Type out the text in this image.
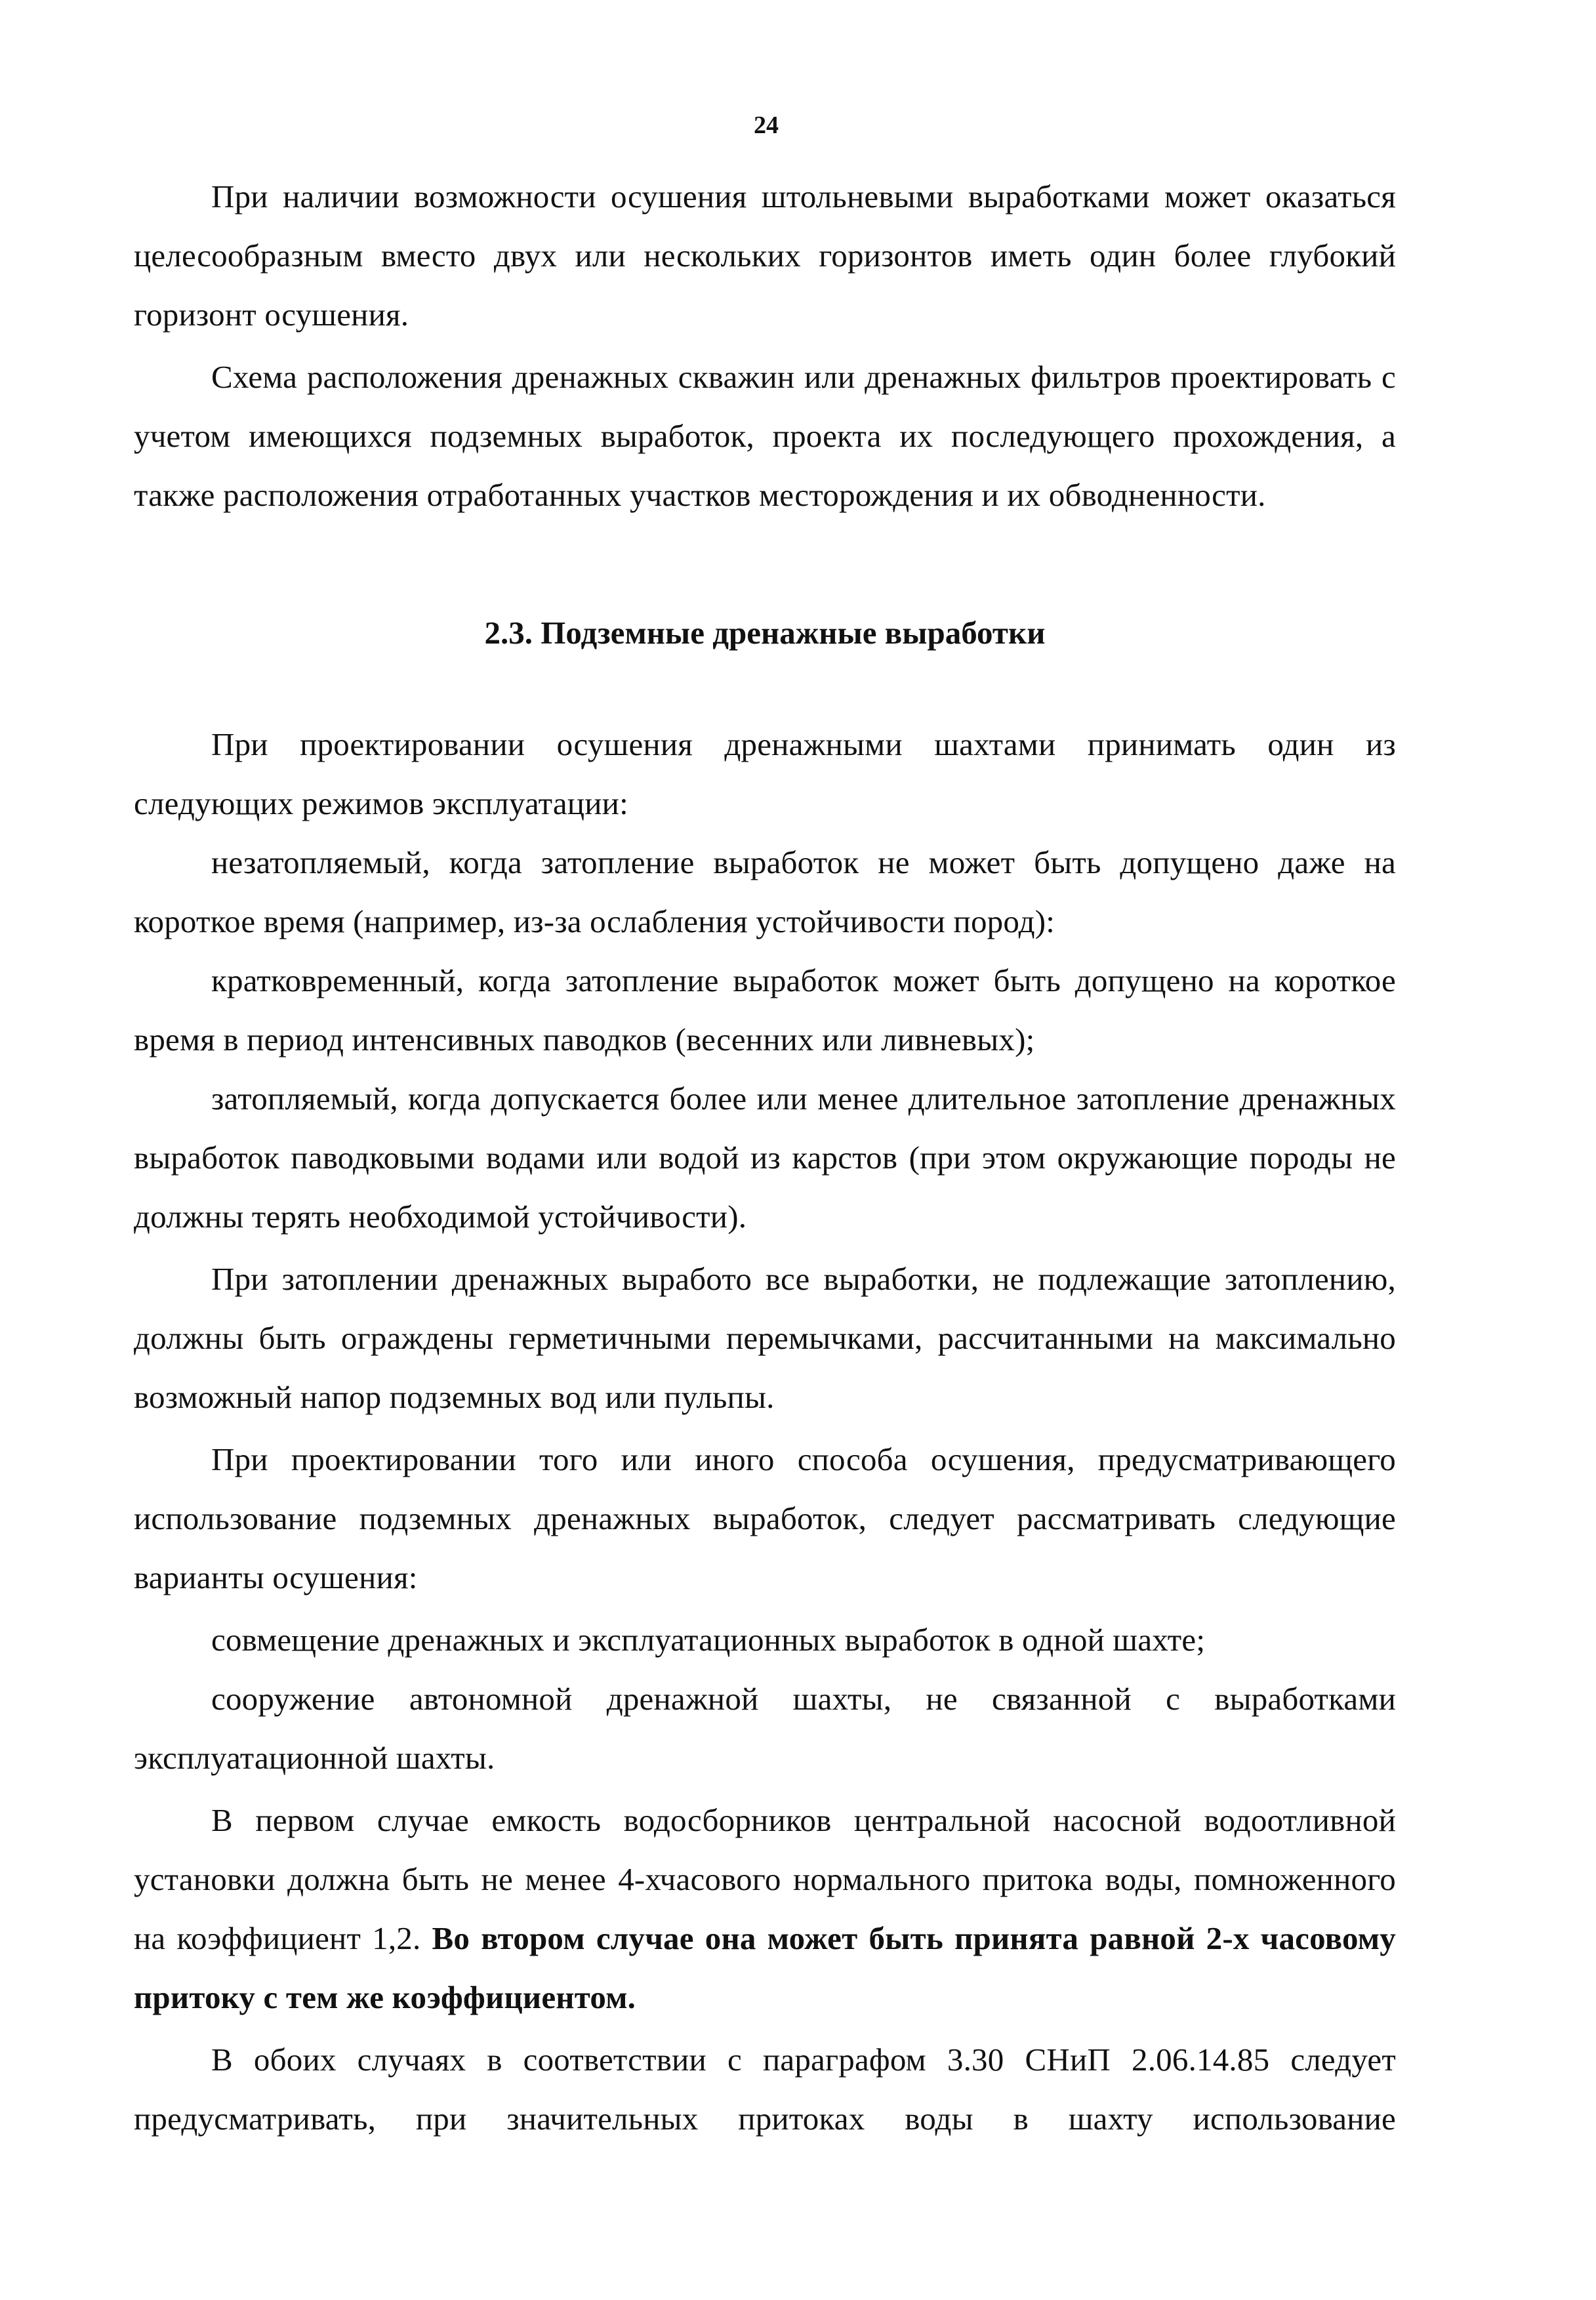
24

При наличии возможности осушения штольневыми выработками может оказаться целесообразным вместо двух или нескольких горизонтов иметь один более глубокий горизонт осушения.

Схема расположения дренажных скважин или дренажных фильтров проектировать с учетом имеющихся подземных выработок, проекта их последующего прохождения, а также расположения отработанных участков месторождения и их обводненности.

2.3. Подземные дренажные выработки

При проектировании осушения дренажными шахтами принимать один из следующих режимов эксплуатации:

незатопляемый, когда затопление выработок не может быть допущено даже на короткое время (например, из-за ослабления устойчивости пород):

кратковременный, когда затопление выработок может быть допущено на короткое время в период интенсивных паводков (весенних или ливневых);

затопляемый, когда допускается более или менее длительное затопление дренажных выработок паводковыми водами или водой из карстов (при этом окружающие породы не должны терять необходимой устойчивости).

При затоплении дренажных выработо все выработки, не подлежащие затоплению, должны быть ограждены герметичными перемычками, рассчитанными на максимально возможный напор подземных вод или пульпы.

При проектировании того или иного способа осушения, предусматривающего использование подземных дренажных выработок, следует рассматривать следующие варианты осушения:

совмещение дренажных и эксплуатационных выработок в одной шахте;

сооружение автономной дренажной шахты, не связанной с выработками эксплуатационной шахты.

В первом случае емкость водосборников центральной насосной водоотливной установки должна быть не менее 4-хчасового нормального притока воды, помноженного на коэффициент 1,2. Во втором случае она может быть принята равной 2-х часовому притоку с тем же коэффициентом.

В обоих случаях в соответствии с параграфом 3.30 СНиП 2.06.14.85 следует предусматривать, при значительных притоках воды в шахту использование
